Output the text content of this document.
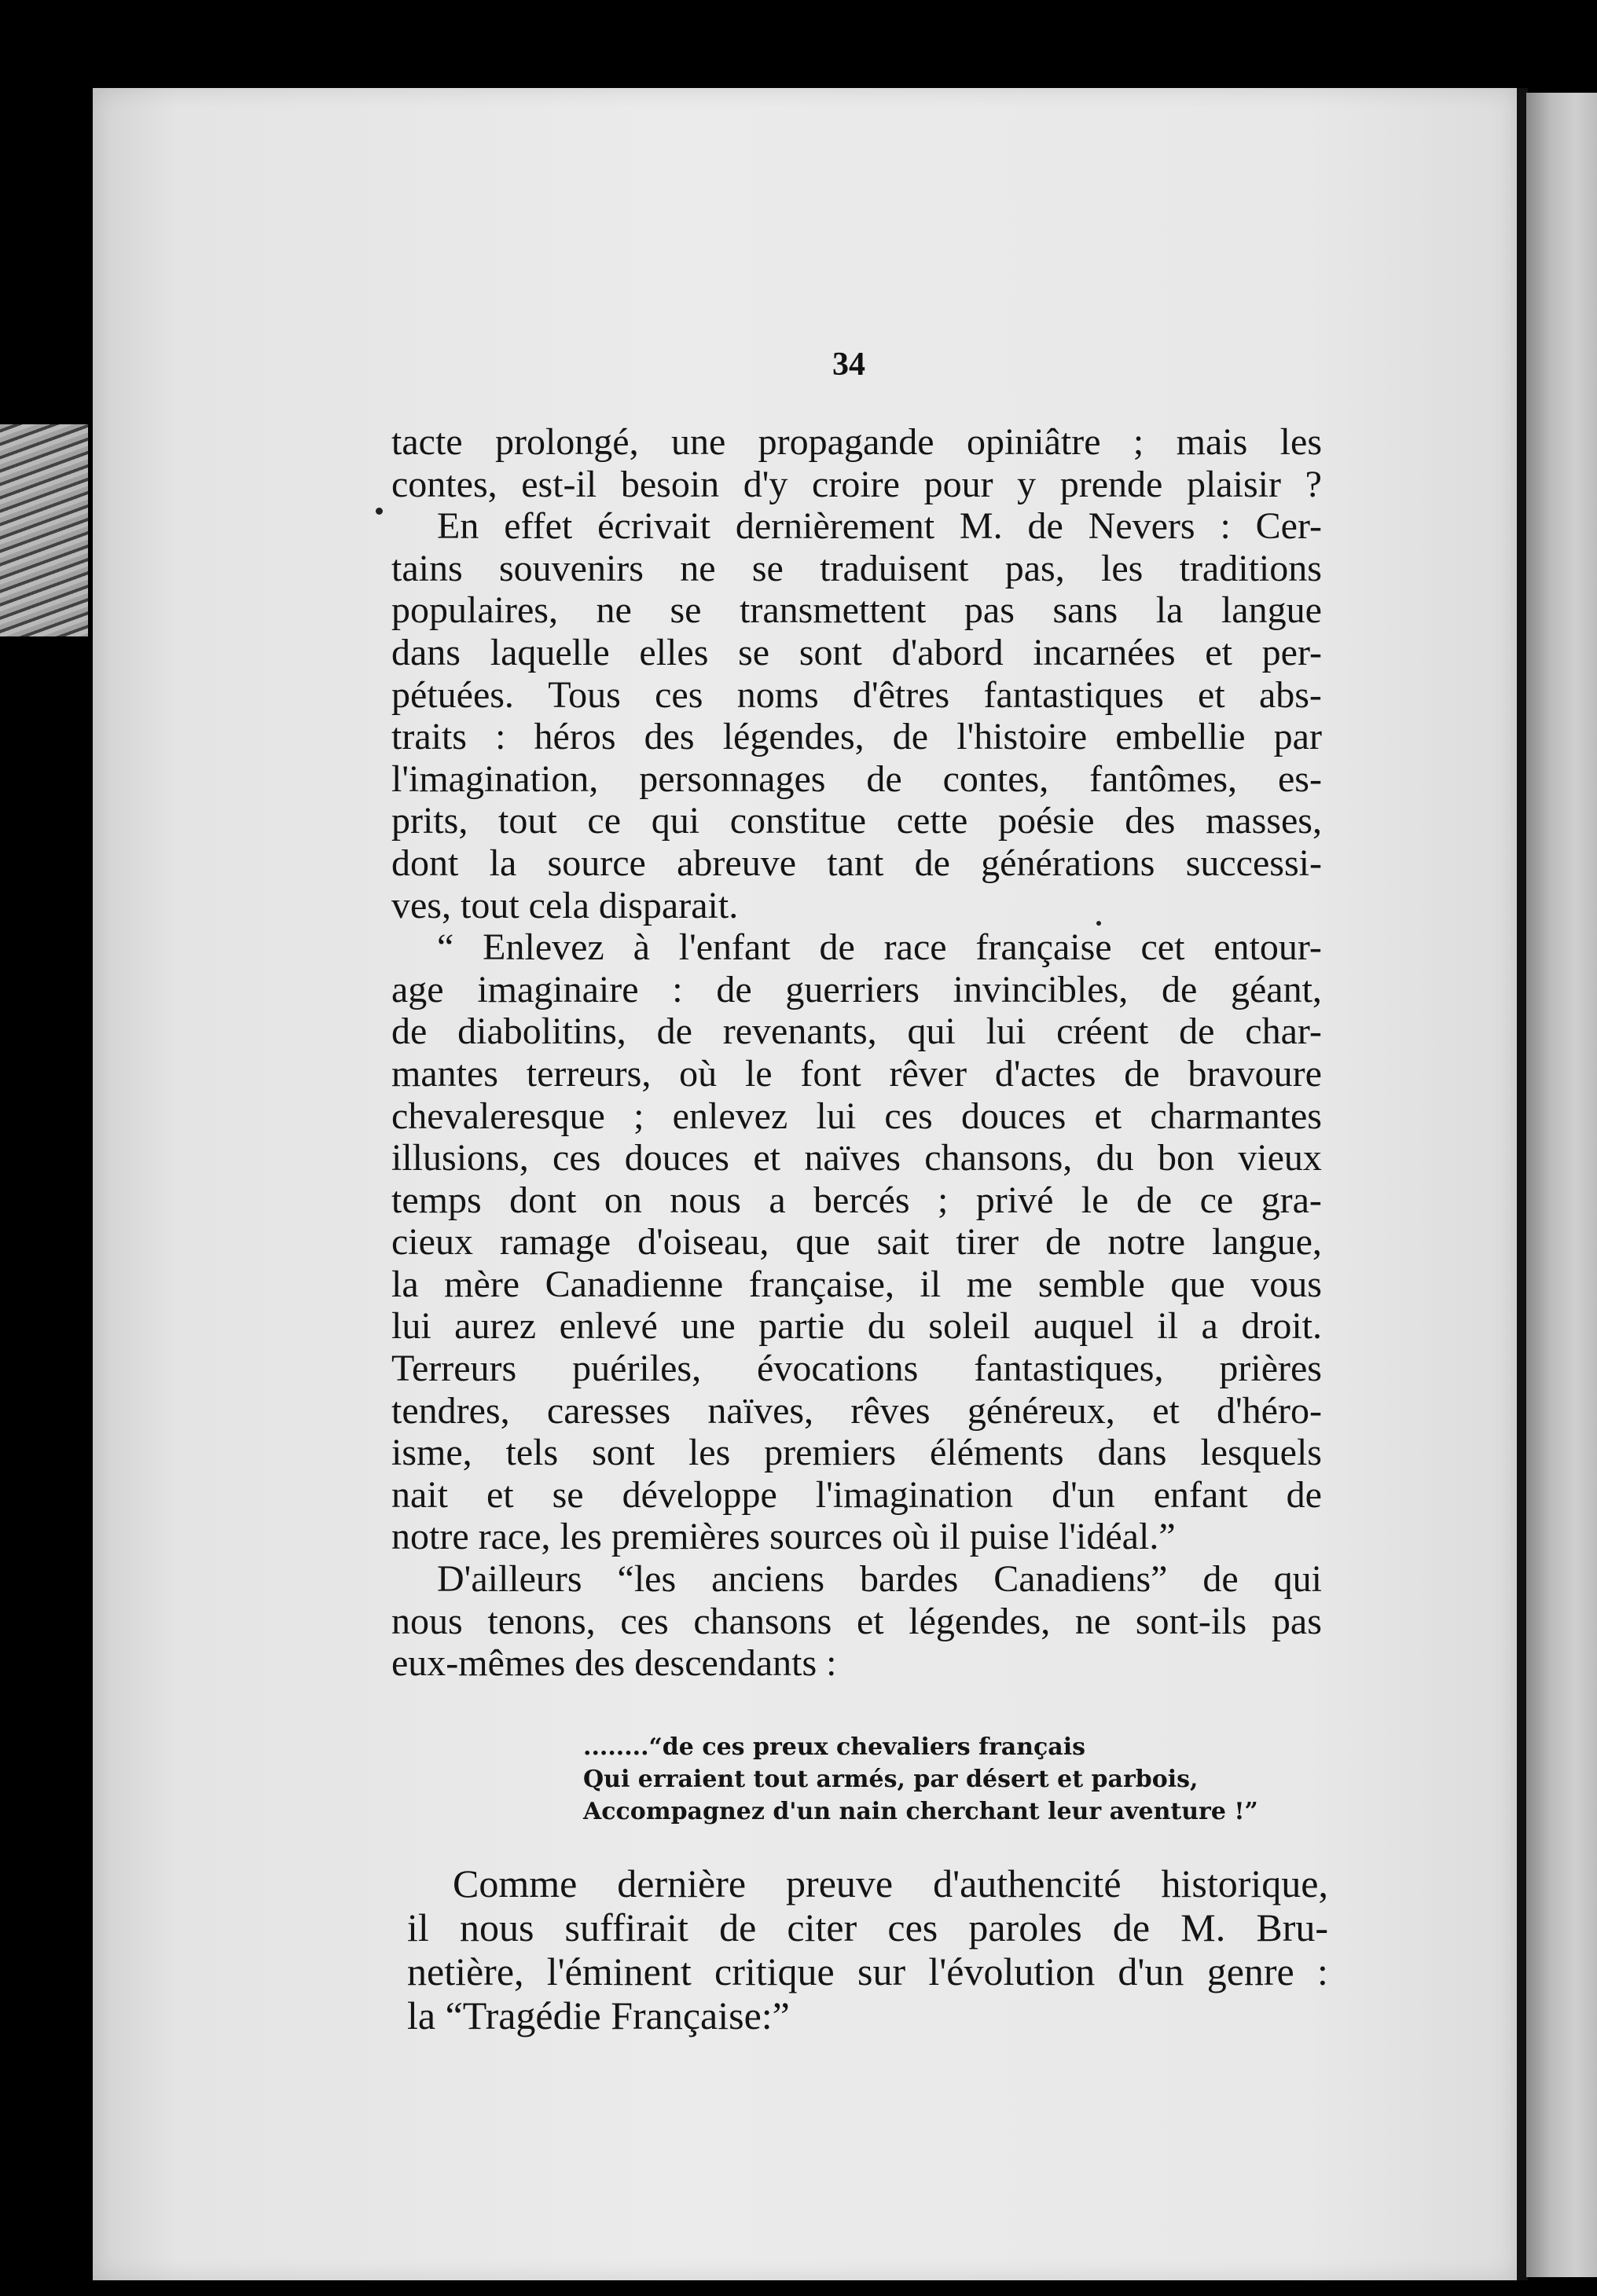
34
tacte prolongé, une propagande opiniâtre ; mais les
contes, est-il besoin d'y croire pour y prende plaisir ?
En effet écrivait dernièrement M. de Nevers : Cer-
tains souvenirs ne se traduisent pas, les traditions
populaires, ne se transmettent pas sans la langue
dans laquelle elles se sont d'abord incarnées et per-
pétuées. Tous ces noms d'êtres fantastiques et abs-
traits : héros des légendes, de l'histoire embellie par
l'imagination, personnages de contes, fantômes, es-
prits, tout ce qui constitue cette poésie des masses,
dont la source abreuve tant de générations successi-
ves, tout cela disparait.
“ Enlevez à l'enfant de race française cet entour-
age imaginaire : de guerriers invincibles, de géant,
de diabolitins, de revenants, qui lui créent de char-
mantes terreurs, où le font rêver d'actes de bravoure
chevaleresque ; enlevez lui ces douces et charmantes
illusions, ces douces et naïves chansons, du bon vieux
temps dont on nous a bercés ; privé le de ce gra-
cieux ramage d'oiseau, que sait tirer de notre langue,
la mère Canadienne française, il me semble que vous
lui aurez enlevé une partie du soleil auquel il a droit.
Terreurs puériles, évocations fantastiques, prières
tendres, caresses naïves, rêves généreux, et d'héro-
isme, tels sont les premiers éléments dans lesquels
nait et se développe l'imagination d'un enfant de
notre race, les premières sources où il puise l'idéal.”
D'ailleurs “les anciens bardes Canadiens” de qui
nous tenons, ces chansons et légendes, ne sont-ils pas
eux-mêmes des descendants :
........“de ces preux chevaliers français
Qui erraient tout armés, par désert et parbois,
Accompagnez d'un nain cherchant leur aventure !”
Comme dernière preuve d'authencité historique,
il nous suffirait de citer ces paroles de M. Bru-
netière, l'éminent critique sur l'évolution d'un genre :
la “Tragédie Française:”
